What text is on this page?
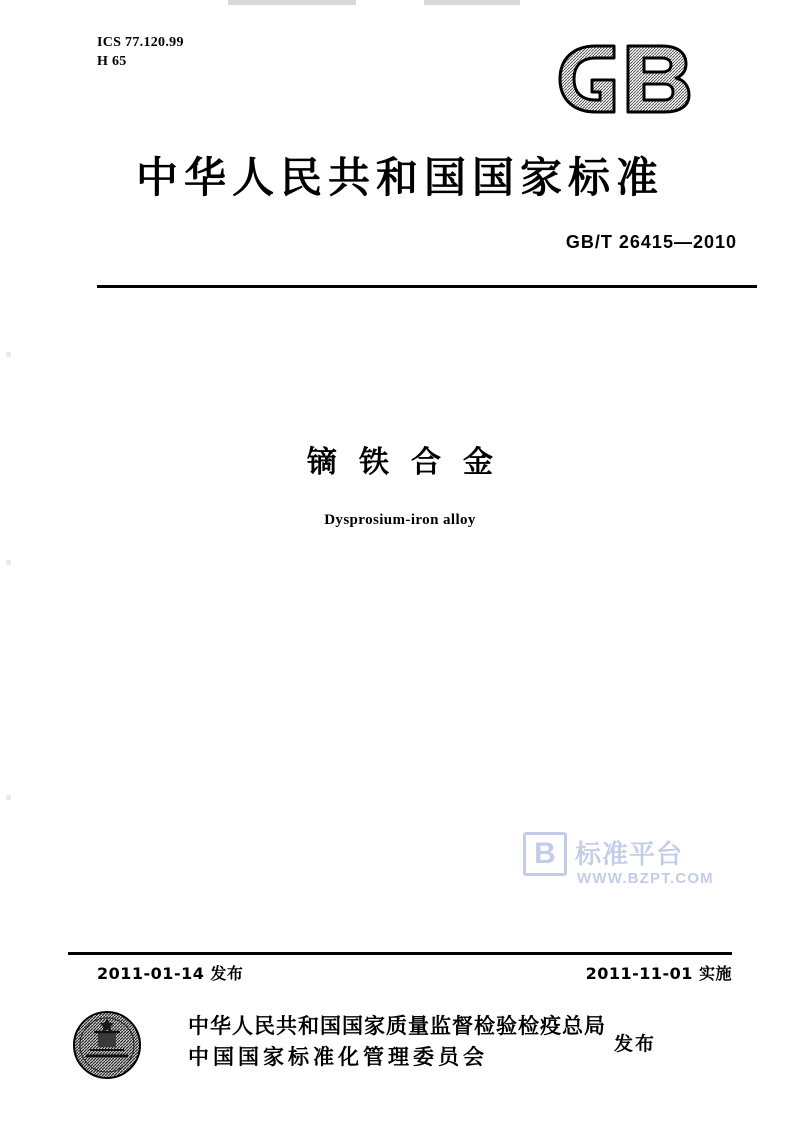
ICS 77.120.99
H 65
中华人民共和国国家标准
GB/T 26415—2010
镝铁合金
Dysprosium-iron alloy
B 标准平台
WWW.BZPT.COM
2011-01-14 发布	2011-11-01 实施
中华人民共和国国家质量监督检验检疫总局
中国国家标准化管理委员会
发布
